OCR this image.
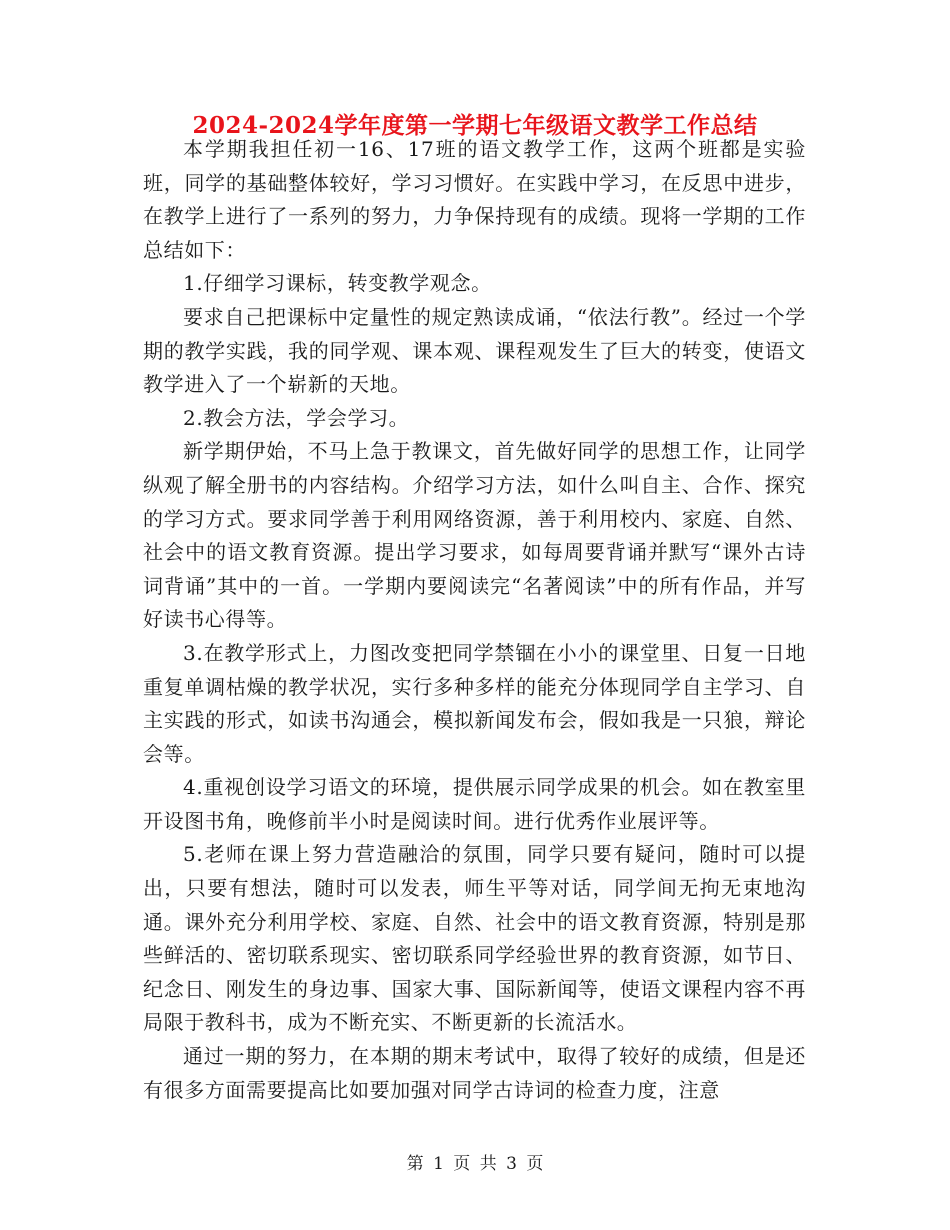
2024-2024学年度第一学期七年级语文教学工作总结

本学期我担任初一16、17班的语文教学工作，这两个班都是实验班，同学的基础整体较好，学习习惯好。在实践中学习，在反思中进步，在教学上进行了一系列的努力，力争保持现有的成绩。现将一学期的工作总结如下：

1.仔细学习课标，转变教学观念。

要求自己把课标中定量性的规定熟读成诵，“依法行教”。经过一个学期的教学实践，我的同学观、课本观、课程观发生了巨大的转变，使语文教学进入了一个崭新的天地。

2.教会方法，学会学习。

新学期伊始，不马上急于教课文，首先做好同学的思想工作，让同学纵观了解全册书的内容结构。介绍学习方法，如什么叫自主、合作、探究的学习方式。要求同学善于利用网络资源，善于利用校内、家庭、自然、社会中的语文教育资源。提出学习要求，如每周要背诵并默写“课外古诗词背诵”其中的一首。一学期内要阅读完“名著阅读”中的所有作品，并写好读书心得等。

3.在教学形式上，力图改变把同学禁锢在小小的课堂里、日复一日地重复单调枯燥的教学状况，实行多种多样的能充分体现同学自主学习、自主实践的形式，如读书沟通会，模拟新闻发布会，假如我是一只狼，辩论会等。

4.重视创设学习语文的环境，提供展示同学成果的机会。如在教室里开设图书角，晚修前半小时是阅读时间。进行优秀作业展评等。

5.老师在课上努力营造融洽的氛围，同学只要有疑问，随时可以提出，只要有想法，随时可以发表，师生平等对话，同学间无拘无束地沟通。课外充分利用学校、家庭、自然、社会中的语文教育资源，特别是那些鲜活的、密切联系现实、密切联系同学经验世界的教育资源，如节日、纪念日、刚发生的身边事、国家大事、国际新闻等，使语文课程内容不再局限于教科书，成为不断充实、不断更新的长流活水。

通过一期的努力，在本期的期末考试中，取得了较好的成绩，但是还有很多方面需要提高比如要加强对同学古诗词的检查力度，注意

第 1 页 共 3 页
